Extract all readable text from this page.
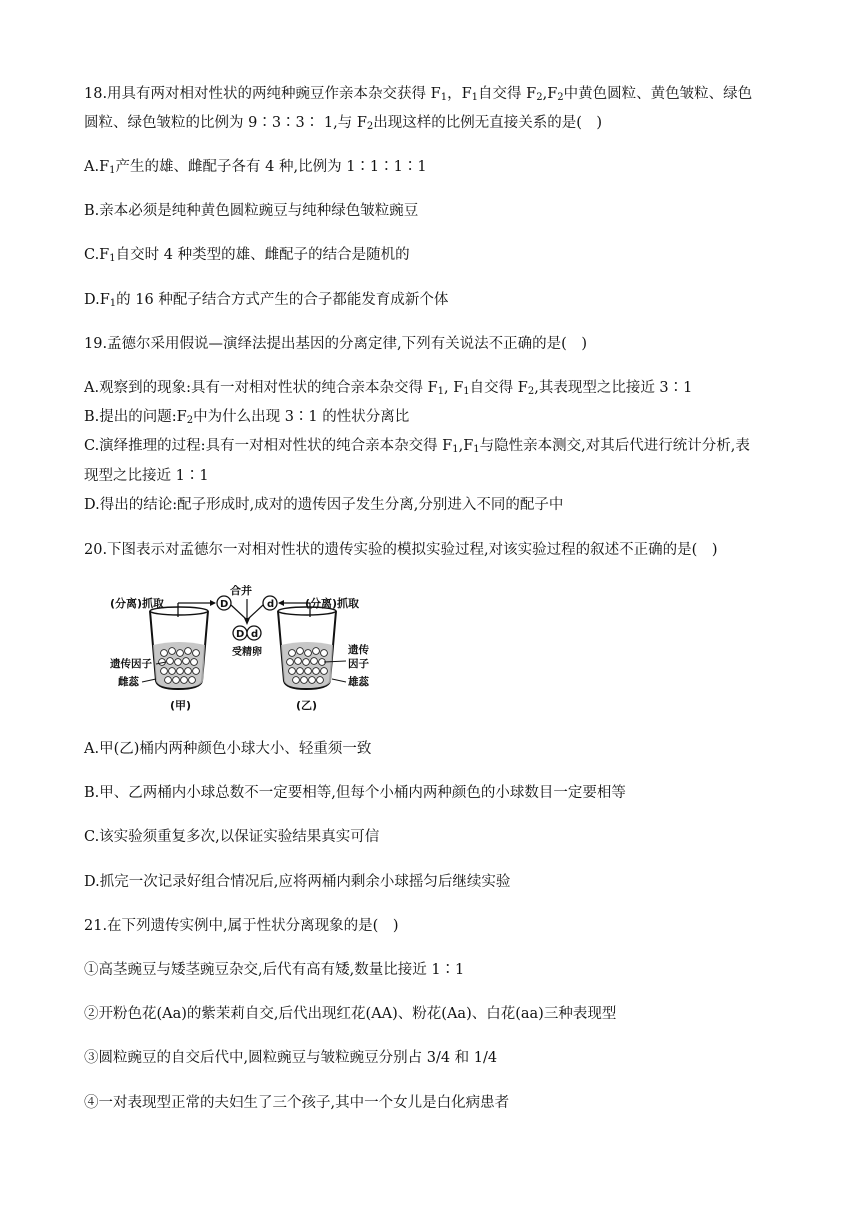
18.用具有两对相对性状的两纯种豌豆作亲本杂交获得 $F_1$，$F_1$自交得 $F_2,F_2$中黄色圆粒、黄色皱粒、绿色
圆粒、绿色皱粒的比例为 9∶3∶3∶ 1,与 $F_2$出现这样的比例无直接关系的是(　)
$A.F_1$产生的雄、雌配子各有 4 种,比例为 1∶1∶1∶1
B.亲本必须是纯种黄色圆粒豌豆与纯种绿色皱粒豌豆
$C.F_1$自交时 4 种类型的雄、雌配子的结合是随机的
$D.F_1$的 16 种配子结合方式产生的合子都能发育成新个体
19.孟德尔采用假说—演绎法提出基因的分离定律,下列有关说法不正确的是(　)
A.观察到的现象:具有一对相对性状的纯合亲本杂交得 $F_1$, $F_1$自交得 $F_2$,其表现型之比接近 3∶1
B.提出的问题$:F_2$中为什么出现 3∶1 的性状分离比
C.演绎推理的过程:具有一对相对性状的纯合亲本杂交得 $F_1,F_1$与隐性亲本测交,对其后代进行统计分析,表
现型之比接近 1∶1
D.得出的结论:配子形成时,成对的遗传因子发生分离,分别进入不同的配子中
20.下图表示对孟德尔一对相对性状的遗传实验的模拟实验过程,对该实验过程的叙述不正确的是(　)
(分离)抓取	(分离)抓取
合并
D	d
D d
受精卵
遗传因子
雌蕊
遗传
因子
雄蕊
(甲)	(乙)
A.甲(乙)桶内两种颜色小球大小、轻重须一致
B.甲、乙两桶内小球总数不一定要相等,但每个小桶内两种颜色的小球数目一定要相等
C.该实验须重复多次,以保证实验结果真实可信
D.抓完一次记录好组合情况后,应将两桶内剩余小球摇匀后继续实验
21.在下列遗传实例中,属于性状分离现象的是(　)
①高茎豌豆与矮茎豌豆杂交,后代有高有矮,数量比接近 1∶1
②开粉色花(Aa)的紫茉莉自交,后代出现红花(AA)、粉花(Aa)、白花(aa)三种表现型
③圆粒豌豆的自交后代中,圆粒豌豆与皱粒豌豆分别占 3/4 和 1/4
④一对表现型正常的夫妇生了三个孩子,其中一个女儿是白化病患者
